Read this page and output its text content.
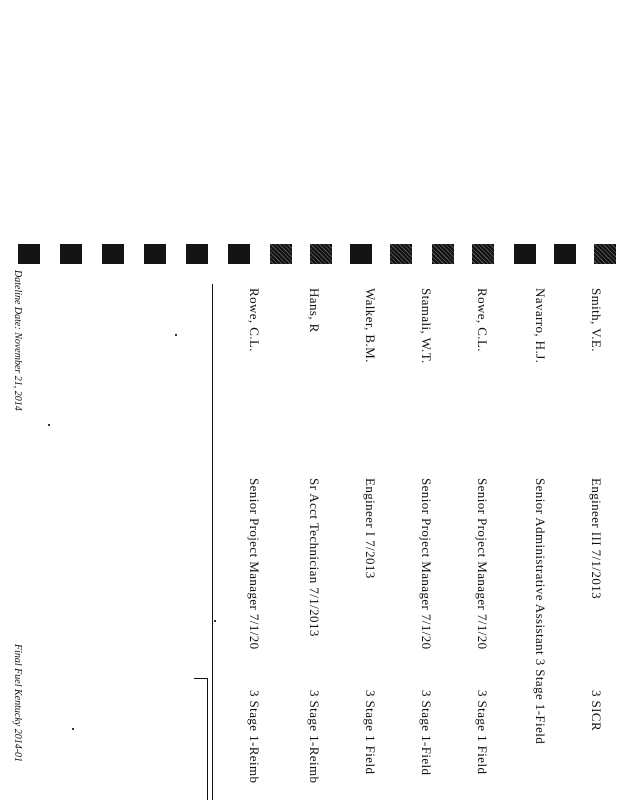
Smith, V.E.
Engineer III 7/1/2013
3 SICR
Navarro, H.J.
Senior Administrative Assistant 3 Stage 1-Field
Rowe, C.L.
Senior Project Manager 7/1/20
3 Stage 1 Field
Stamali, W.T.
Senior Project Manager 7/1/20
3 Stage 1-Field
Walker, B.M.
Engineer I 7/2013
3 Stage 1 Field
Hans, R
Sr Acct Technician 7/1/2013
3 Stage 1-Reimb
Rowe, C.L.
Senior Project Manager 7/1/20
3 Stage 1-Reimb
Dateline Date: November 21, 2014
Final Fuel Kentucky 2014-01
